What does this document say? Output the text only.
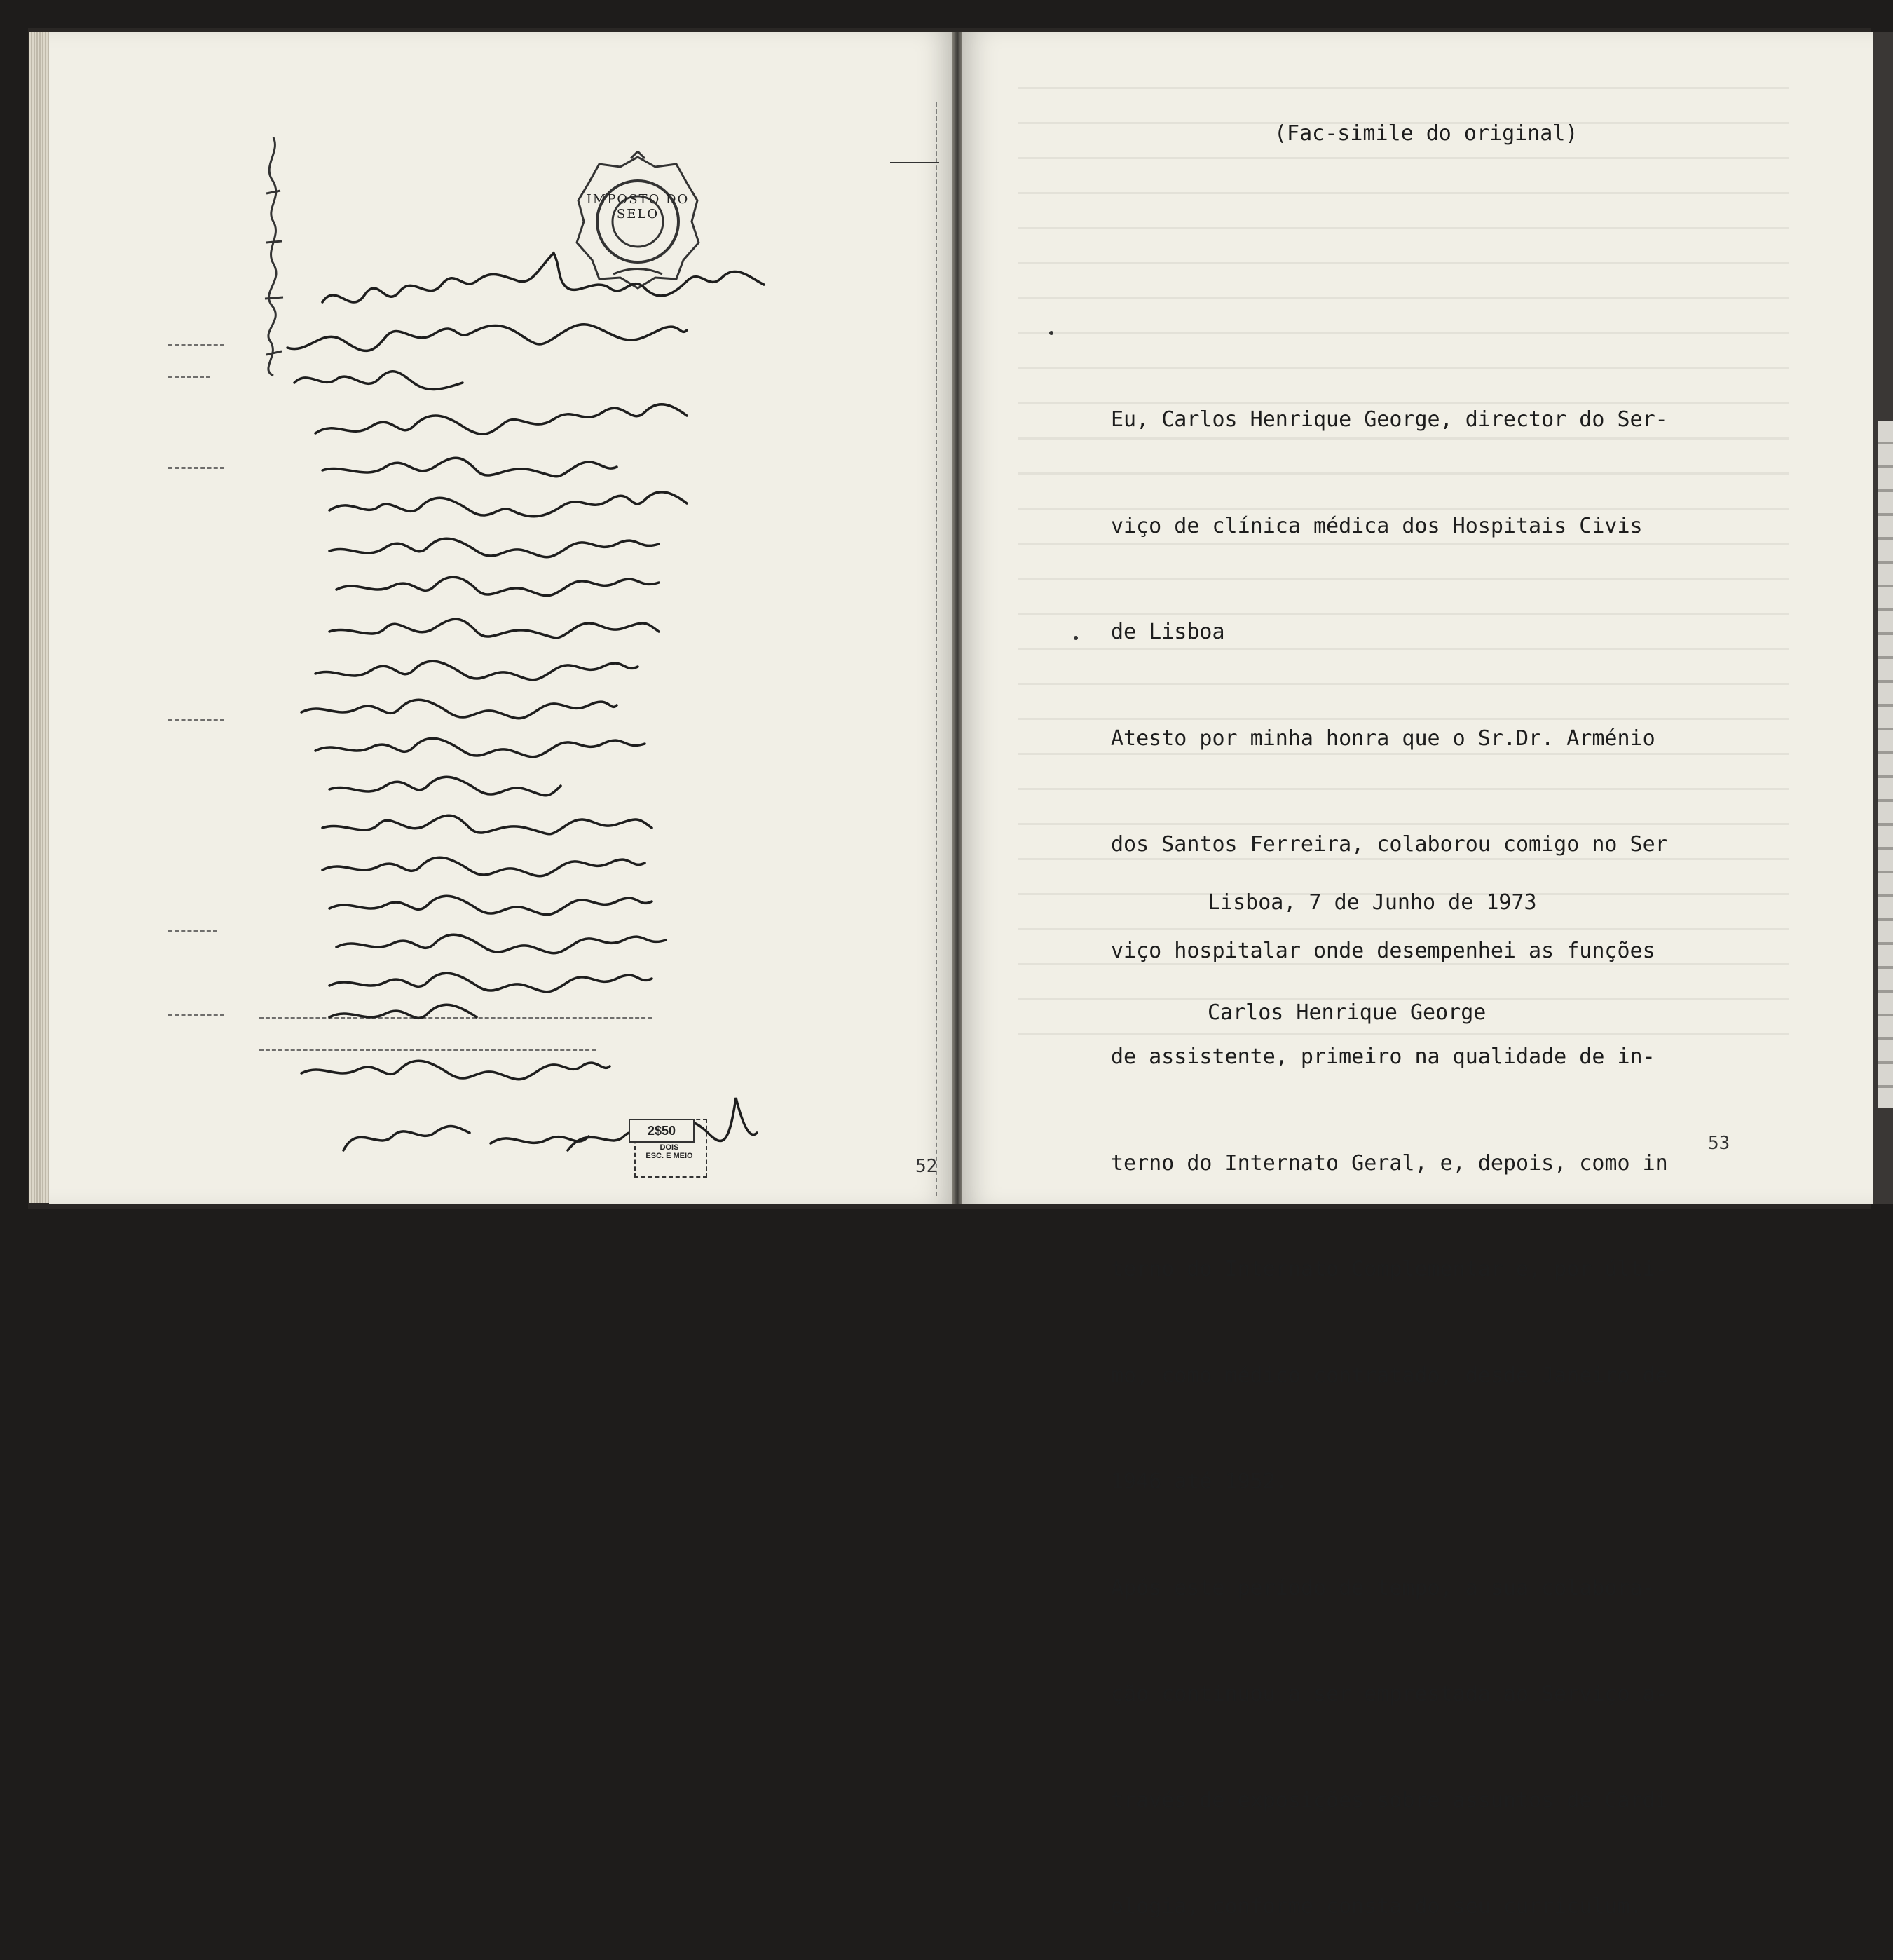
IMPOSTO DO SELO
2$50
DOIS
ESC. E MEIO	52
53
(Fac-simile do original)

Eu, Carlos Henrique George, director do Ser-

viço de clínica médica dos Hospitais Civis

de Lisboa

Atesto por minha honra que o Sr.Dr. Arménio

dos Santos Ferreira, colaborou comigo no Ser

viço hospitalar onde desempenhei as funções

de assistente, primeiro na qualidade de in-

terno do Internato Geral, e, depois, como in

terno do Internato Complementar e, por últi-

mo, como médico contratado, desde Janeiro de

1946 até 1952.

Após este período de tempo, a sua colabora-

ção continuou a ser emprestada ao Serviço a-

través de exposições sobre assuntos de Cardi

ologia, conforme consta do seu curriculum.

Lisboa, 7 de Junho de 1973
Carlos Henrique George
